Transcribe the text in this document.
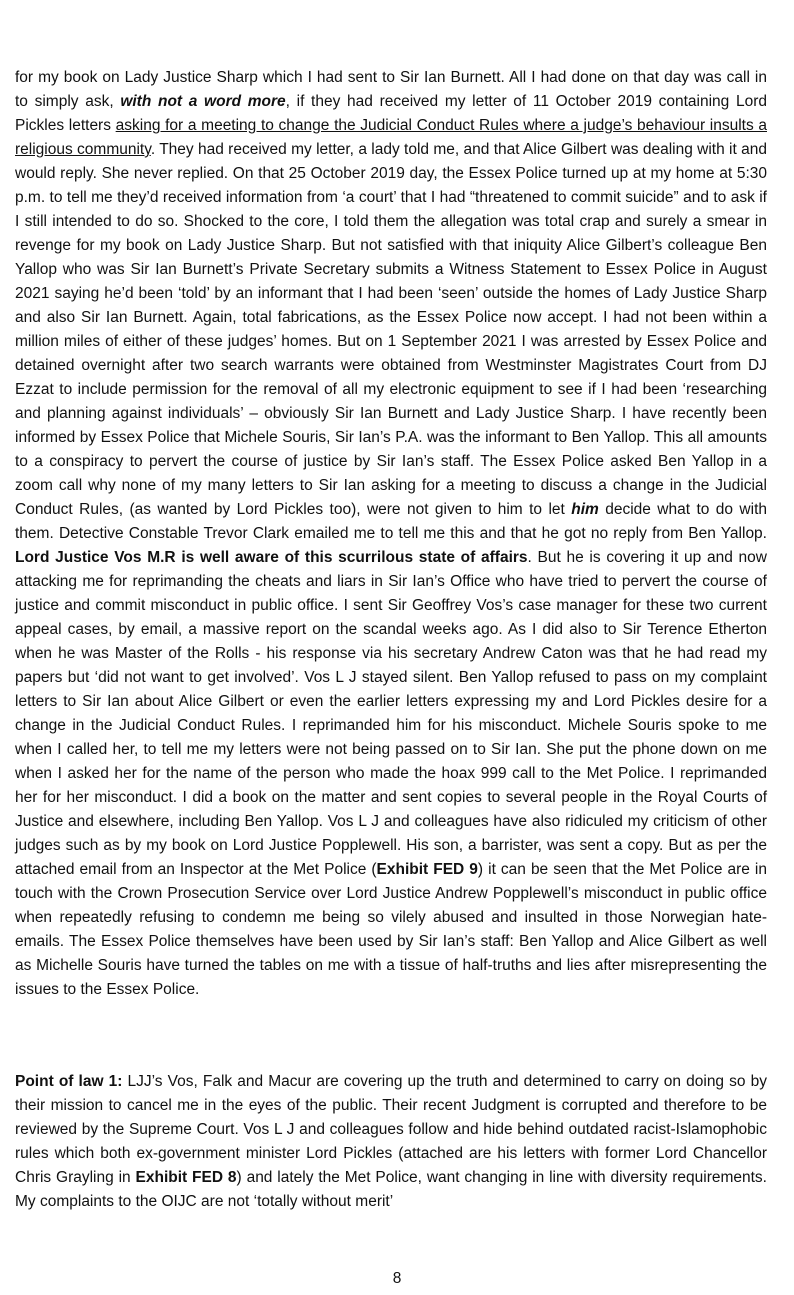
for my book on Lady Justice Sharp which I had sent to Sir Ian Burnett. All I had done on that day was call in to simply ask, with not a word more, if they had received my letter of 11 October 2019 containing Lord Pickles letters asking for a meeting to change the Judicial Conduct Rules where a judge’s behaviour insults a religious community. They had received my letter, a lady told me, and that Alice Gilbert was dealing with it and would reply. She never replied. On that 25 October 2019 day, the Essex Police turned up at my home at 5:30 p.m. to tell me they’d received information from ‘a court’ that I had “threatened to commit suicide” and to ask if I still intended to do so. Shocked to the core, I told them the allegation was total crap and surely a smear in revenge for my book on Lady Justice Sharp. But not satisfied with that iniquity Alice Gilbert’s colleague Ben Yallop who was Sir Ian Burnett’s Private Secretary submits a Witness Statement to Essex Police in August 2021 saying he’d been ‘told’ by an informant that I had been ‘seen’ outside the homes of Lady Justice Sharp and also Sir Ian Burnett. Again, total fabrications, as the Essex Police now accept. I had not been within a million miles of either of these judges’ homes. But on 1 September 2021 I was arrested by Essex Police and detained overnight after two search warrants were obtained from Westminster Magistrates Court from DJ Ezzat to include permission for the removal of all my electronic equipment to see if I had been ‘researching and planning against individuals’ – obviously Sir Ian Burnett and Lady Justice Sharp. I have recently been informed by Essex Police that Michele Souris, Sir Ian’s P.A. was the informant to Ben Yallop. This all amounts to a conspiracy to pervert the course of justice by Sir Ian’s staff. The Essex Police asked Ben Yallop in a zoom call why none of my many letters to Sir Ian asking for a meeting to discuss a change in the Judicial Conduct Rules, (as wanted by Lord Pickles too), were not given to him to let him decide what to do with them. Detective Constable Trevor Clark emailed me to tell me this and that he got no reply from Ben Yallop. Lord Justice Vos M.R is well aware of this scurrilous state of affairs. But he is covering it up and now attacking me for reprimanding the cheats and liars in Sir Ian’s Office who have tried to pervert the course of justice and commit misconduct in public office. I sent Sir Geoffrey Vos’s case manager for these two current appeal cases, by email, a massive report on the scandal weeks ago. As I did also to Sir Terence Etherton when he was Master of the Rolls - his response via his secretary Andrew Caton was that he had read my papers but ‘did not want to get involved’. Vos L J stayed silent. Ben Yallop refused to pass on my complaint letters to Sir Ian about Alice Gilbert or even the earlier letters expressing my and Lord Pickles desire for a change in the Judicial Conduct Rules. I reprimanded him for his misconduct. Michele Souris spoke to me when I called her, to tell me my letters were not being passed on to Sir Ian. She put the phone down on me when I asked her for the name of the person who made the hoax 999 call to the Met Police. I reprimanded her for her misconduct. I did a book on the matter and sent copies to several people in the Royal Courts of Justice and elsewhere, including Ben Yallop. Vos L J and colleagues have also ridiculed my criticism of other judges such as by my book on Lord Justice Popplewell. His son, a barrister, was sent a copy. But as per the attached email from an Inspector at the Met Police (Exhibit FED 9) it can be seen that the Met Police are in touch with the Crown Prosecution Service over Lord Justice Andrew Popplewell’s misconduct in public office when repeatedly refusing to condemn me being so vilely abused and insulted in those Norwegian hate-emails. The Essex Police themselves have been used by Sir Ian’s staff: Ben Yallop and Alice Gilbert as well as Michelle Souris have turned the tables on me with a tissue of half-truths and lies after misrepresenting the issues to the Essex Police.
Point of law 1: LJJ’s Vos, Falk and Macur are covering up the truth and determined to carry on doing so by their mission to cancel me in the eyes of the public. Their recent Judgment is corrupted and therefore to be reviewed by the Supreme Court. Vos L J and colleagues follow and hide behind outdated racist-Islamophobic rules which both ex-government minister Lord Pickles (attached are his letters with former Lord Chancellor Chris Grayling in Exhibit FED 8) and lately the Met Police, want changing in line with diversity requirements. My complaints to the OIJC are not ‘totally without merit’
8
